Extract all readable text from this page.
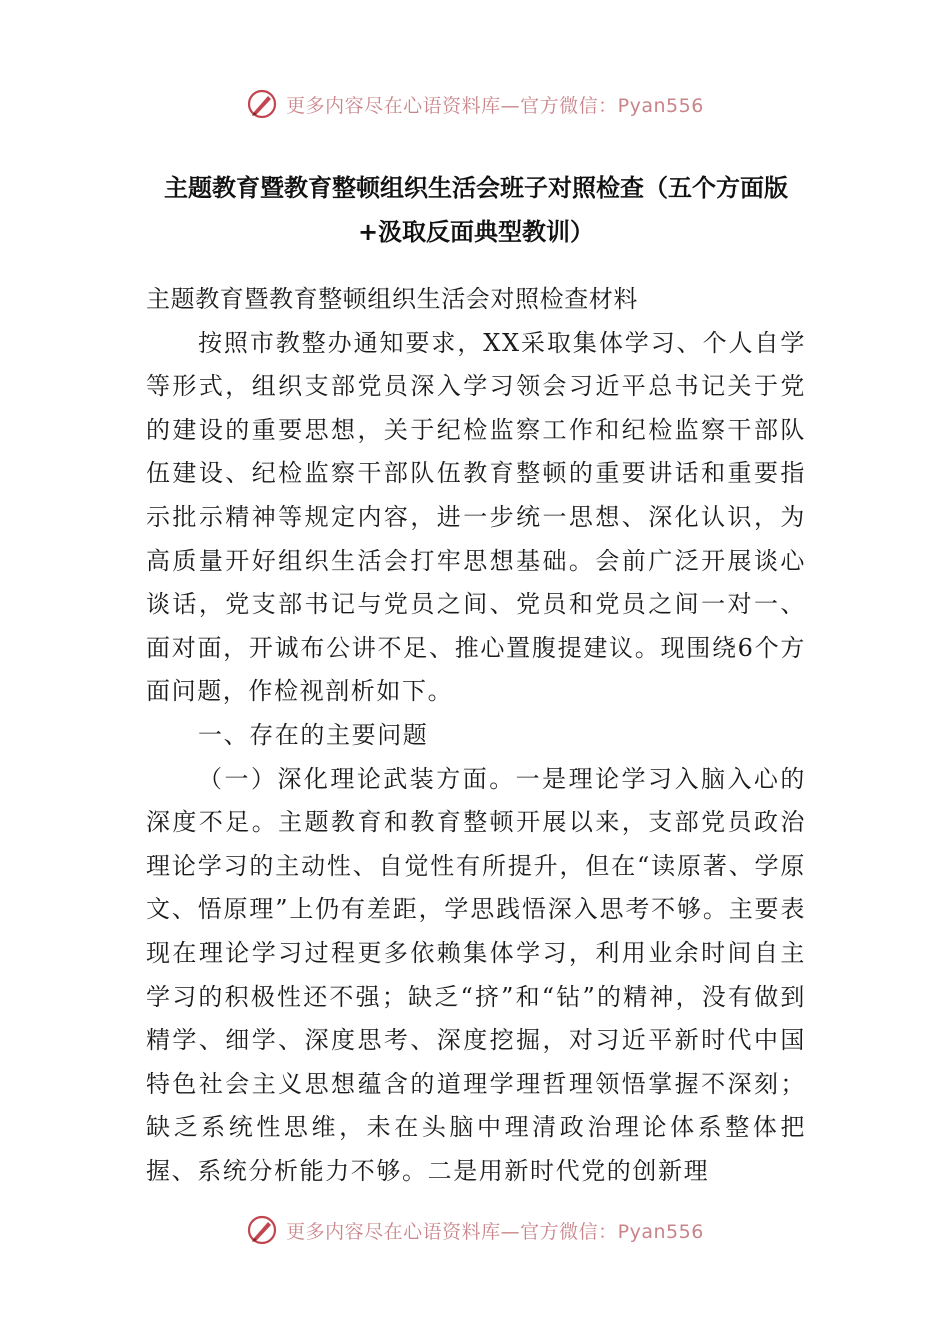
更多内容尽在心语资料库—官方微信：Pyan556
主题教育暨教育整顿组织生活会班子对照检查（五个方面版+汲取反面典型教训）

主题教育暨教育整顿组织生活会对照检查材料

按照市教整办通知要求，XX采取集体学习、个人自学等形式，组织支部党员深入学习领会习近平总书记关于党的建设的重要思想，关于纪检监察工作和纪检监察干部队伍建设、纪检监察干部队伍教育整顿的重要讲话和重要指示批示精神等规定内容，进一步统一思想、深化认识，为高质量开好组织生活会打牢思想基础。会前广泛开展谈心谈话，党支部书记与党员之间、党员和党员之间一对一、面对面，开诚布公讲不足、推心置腹提建议。现围绕6个方面问题，作检视剖析如下。

一、存在的主要问题

（一）深化理论武装方面。一是理论学习入脑入心的深度不足。主题教育和教育整顿开展以来，支部党员政治理论学习的主动性、自觉性有所提升，但在“读原著、学原文、悟原理”上仍有差距，学思践悟深入思考不够。主要表现在理论学习过程更多依赖集体学习，利用业余时间自主学习的积极性还不强；缺乏“挤”和“钻”的精神，没有做到精学、细学、深度思考、深度挖掘，对习近平新时代中国特色社会主义思想蕴含的道理学理哲理领悟掌握不深刻；缺乏系统性思维，未在头脑中理清政治理论体系整体把握、系统分析能力不够。二是用新时代党的创新理

更多内容尽在心语资料库—官方微信：Pyan556
